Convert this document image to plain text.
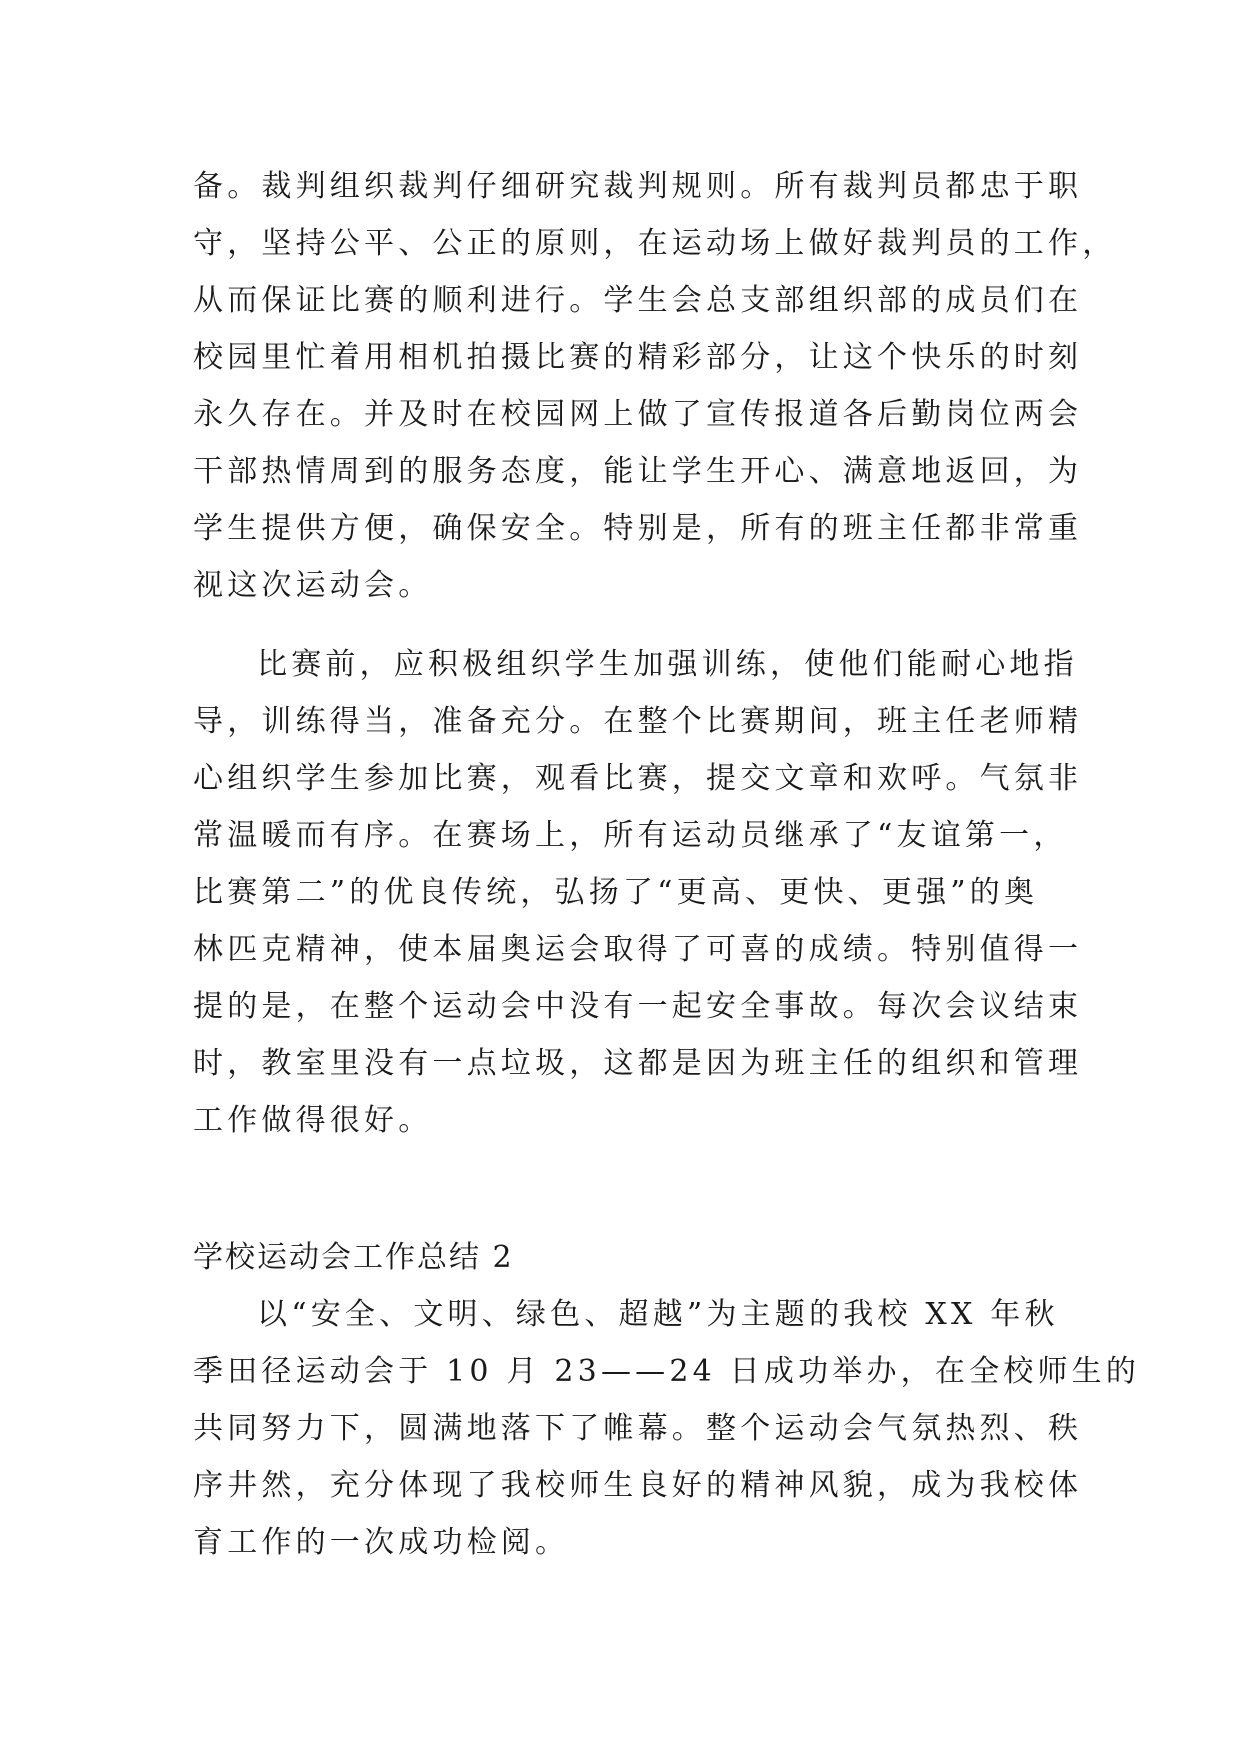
备。裁判组织裁判仔细研究裁判规则。所有裁判员都忠于职
守，坚持公平、公正的原则，在运动场上做好裁判员的工作，
从而保证比赛的顺利进行。学生会总支部组织部的成员们在
校园里忙着用相机拍摄比赛的精彩部分，让这个快乐的时刻
永久存在。并及时在校园网上做了宣传报道各后勤岗位两会
干部热情周到的服务态度，能让学生开心、满意地返回，为
学生提供方便，确保安全。特别是，所有的班主任都非常重
视这次运动会。
比赛前，应积极组织学生加强训练，使他们能耐心地指
导，训练得当，准备充分。在整个比赛期间，班主任老师精
心组织学生参加比赛，观看比赛，提交文章和欢呼。气氛非
常温暖而有序。在赛场上，所有运动员继承了“友谊第一，
比赛第二”的优良传统，弘扬了“更高、更快、更强”的奥
林匹克精神，使本届奥运会取得了可喜的成绩。特别值得一
提的是，在整个运动会中没有一起安全事故。每次会议结束
时，教室里没有一点垃圾，这都是因为班主任的组织和管理
工作做得很好。
学校运动会工作总结 2
以“安全、文明、绿色、超越”为主题的我校 XX 年秋
季田径运动会于 10 月 23——24 日成功举办，在全校师生的
共同努力下，圆满地落下了帷幕。整个运动会气氛热烈、秩
序井然，充分体现了我校师生良好的精神风貌，成为我校体
育工作的一次成功检阅。
